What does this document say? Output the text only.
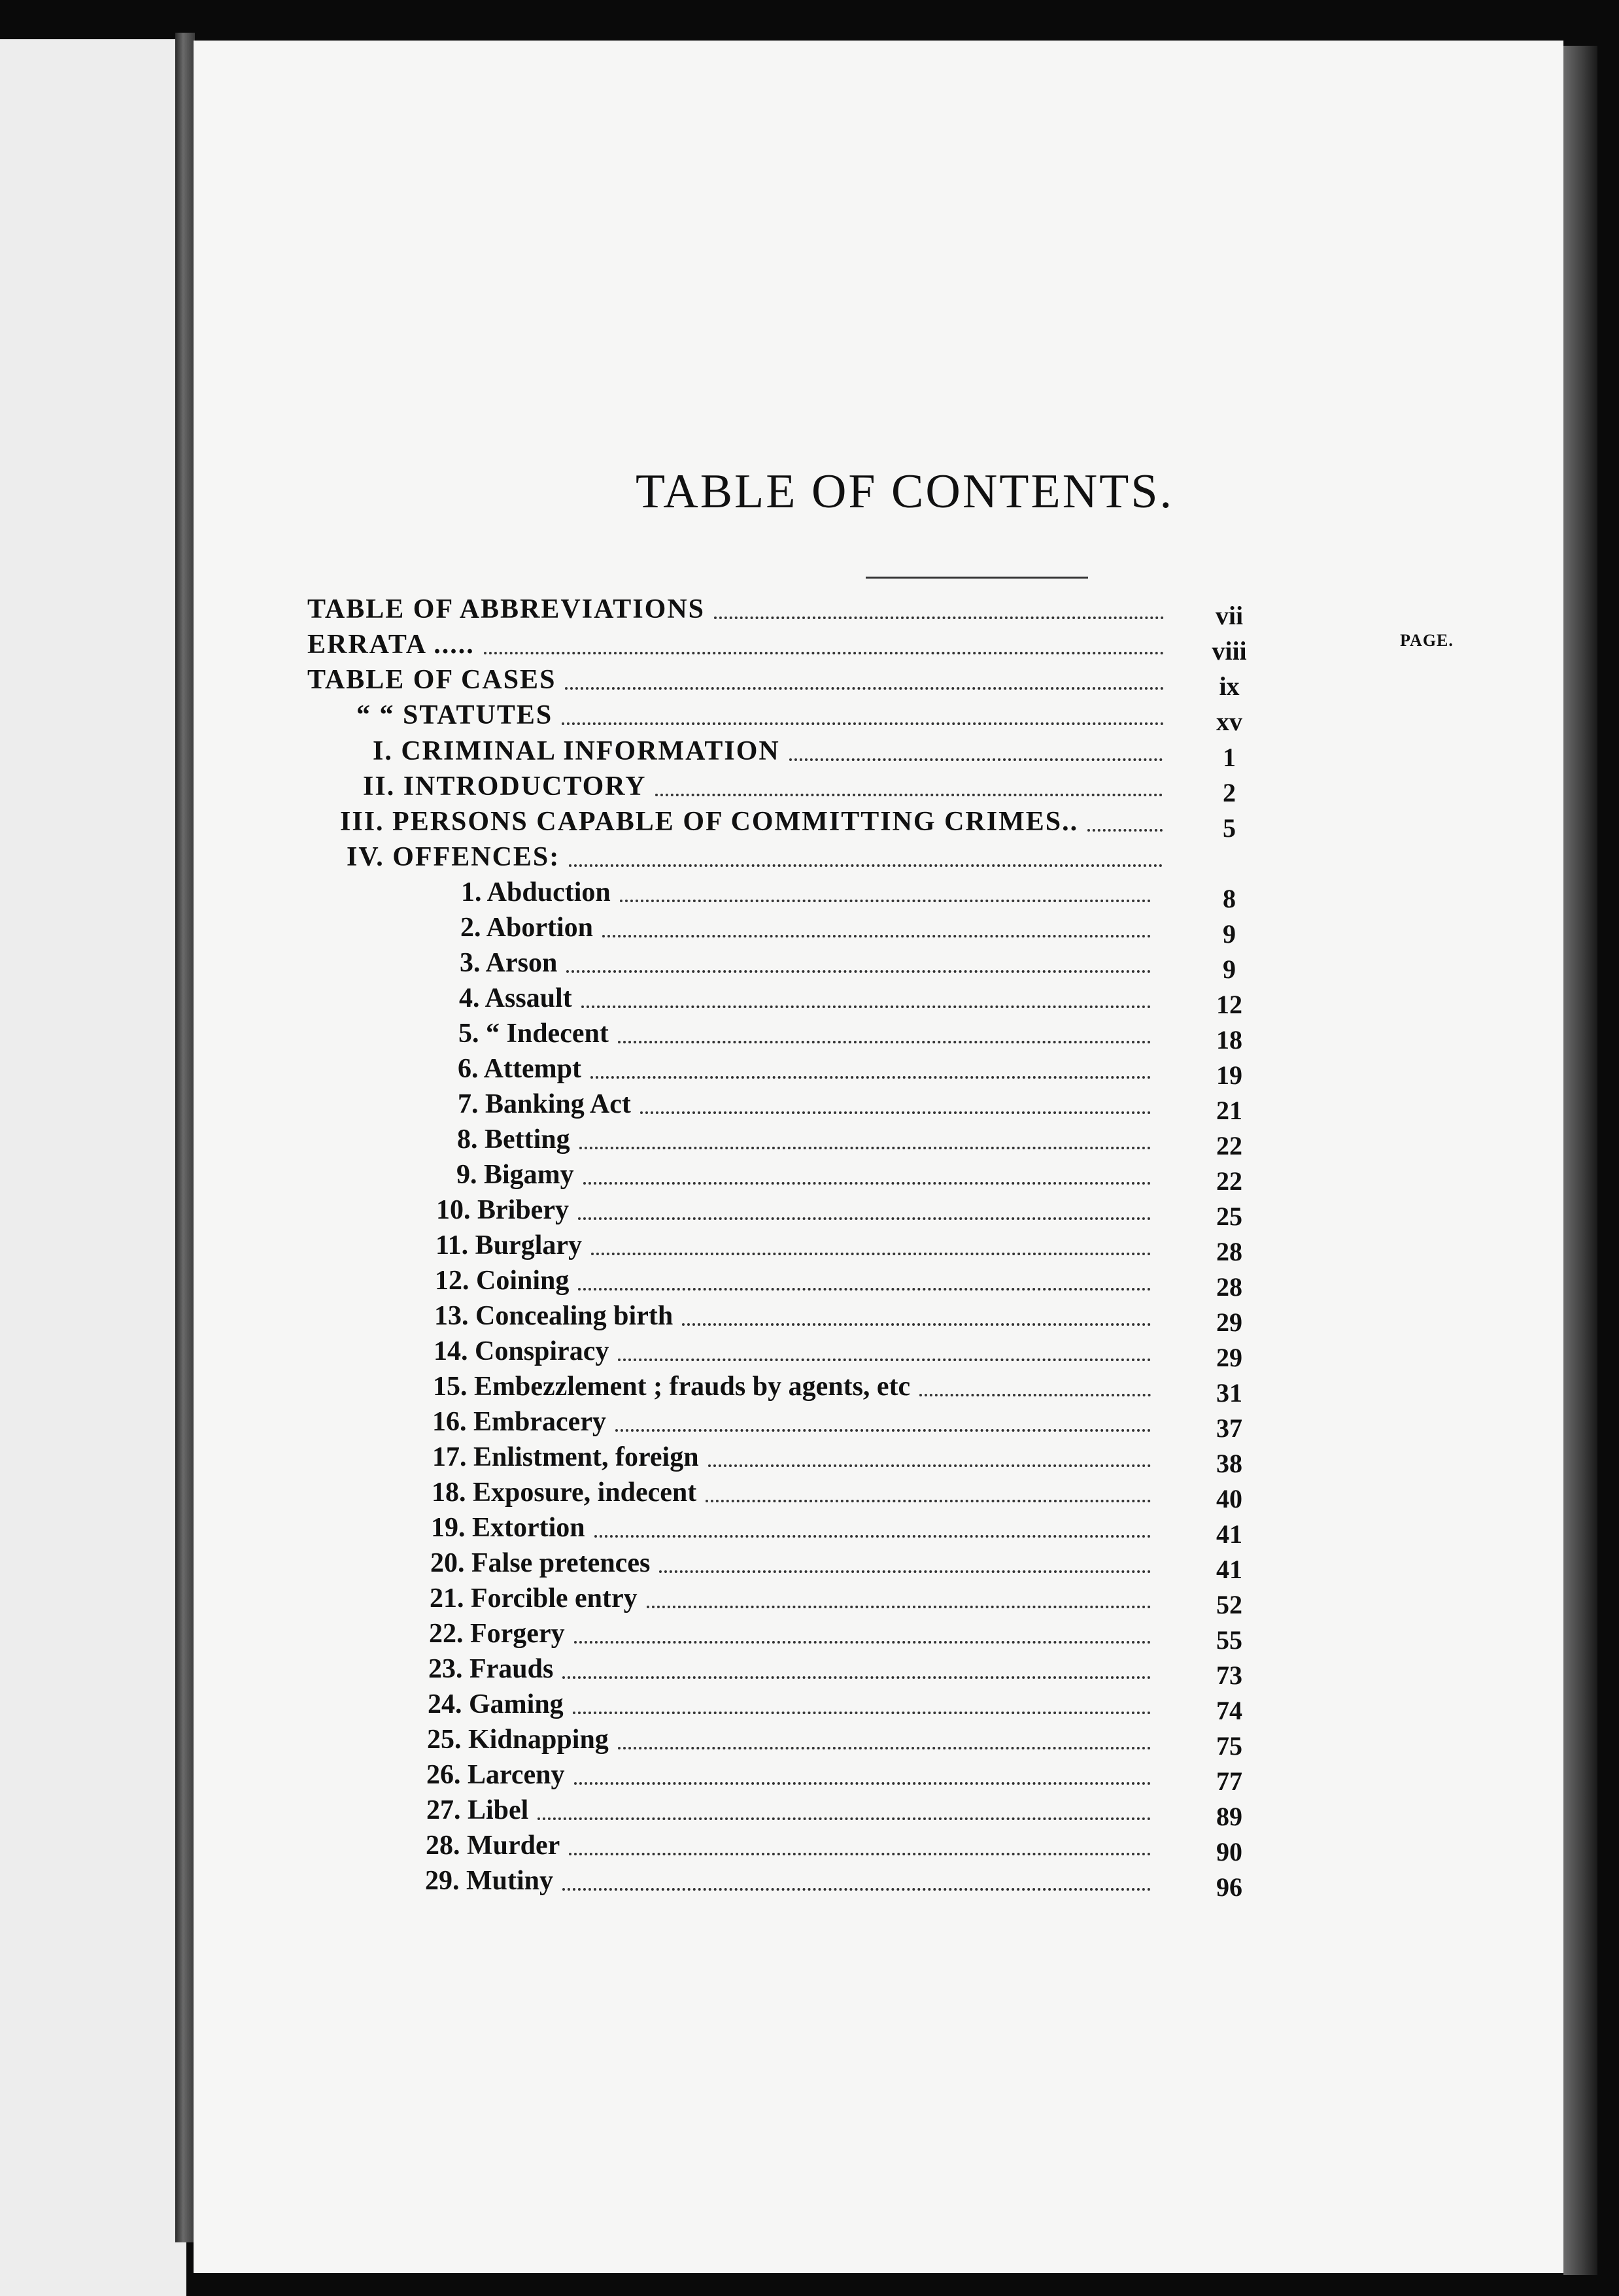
TABLE OF CONTENTS.
PAGE.
TABLE OF ABBREVIATIONS	vii
ERRATA .....	viii
TABLE OF CASES	ix
“ “ STATUTES	xv
I. CRIMINAL INFORMATION	1
II. INTRODUCTORY	2
III. PERSONS CAPABLE OF COMMITTING CRIMES..	5
IV. OFFENCES:
1. Abduction	8
2. Abortion	9
3. Arson	9
4. Assault	12
5. “ Indecent	18
6. Attempt	19
7. Banking Act	21
8. Betting	22
9. Bigamy	22
10. Bribery	25
11. Burglary	28
12. Coining	28
13. Concealing birth	29
14. Conspiracy	29
15. Embezzlement ; frauds by agents, etc	31
16. Embracery	37
17. Enlistment, foreign	38
18. Exposure, indecent	40
19. Extortion	41
20. False pretences	41
21. Forcible entry	52
22. Forgery	55
23. Frauds	73
24. Gaming	74
25. Kidnapping	75
26. Larceny	77
27. Libel	89
28. Murder	90
29. Mutiny	96
